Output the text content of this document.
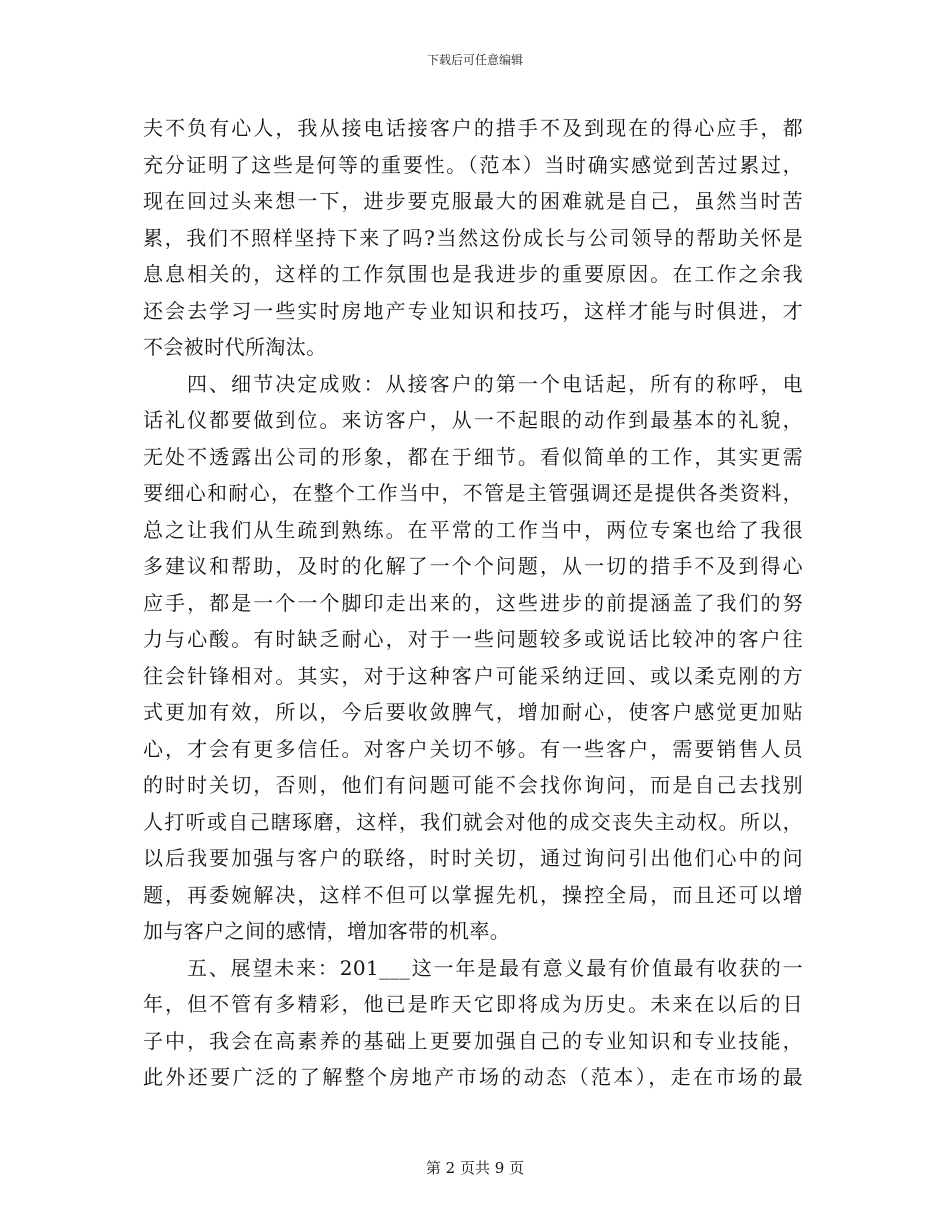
下载后可任意编辑
夫不负有心人，我从接电话接客户的措手不及到现在的得心应手，都
充分证明了这些是何等的重要性。（范本）当时确实感觉到苦过累过，
现在回过头来想一下，进步要克服最大的困难就是自己，虽然当时苦
累，我们不照样坚持下来了吗?当然这份成长与公司领导的帮助关怀是
息息相关的，这样的工作氛围也是我进步的重要原因。在工作之余我
还会去学习一些实时房地产专业知识和技巧，这样才能与时俱进，才
不会被时代所淘汰。
四、细节决定成败：从接客户的第一个电话起，所有的称呼，电
话礼仪都要做到位。来访客户，从一不起眼的动作到最基本的礼貌，
无处不透露出公司的形象，都在于细节。看似简单的工作，其实更需
要细心和耐心，在整个工作当中，不管是主管强调还是提供各类资料，
总之让我们从生疏到熟练。在平常的工作当中，两位专案也给了我很
多建议和帮助，及时的化解了一个个问题，从一切的措手不及到得心
应手，都是一个一个脚印走出来的，这些进步的前提涵盖了我们的努
力与心酸。有时缺乏耐心，对于一些问题较多或说话比较冲的客户往
往会针锋相对。其实，对于这种客户可能采纳迂回、或以柔克刚的方
式更加有效，所以，今后要收敛脾气，增加耐心，使客户感觉更加贴
心，才会有更多信任。对客户关切不够。有一些客户，需要销售人员
的时时关切，否则，他们有问题可能不会找你询问，而是自己去找别
人打听或自己瞎琢磨，这样，我们就会对他的成交丧失主动权。所以，
以后我要加强与客户的联络，时时关切，通过询问引出他们心中的问
题，再委婉解决，这样不但可以掌握先机，操控全局，而且还可以增
加与客户之间的感情，增加客带的机率。
五、展望未来：201___这一年是最有意义最有价值最有收获的一
年，但不管有多精彩，他已是昨天它即将成为历史。未来在以后的日
子中，我会在高素养的基础上更要加强自己的专业知识和专业技能，
此外还要广泛的了解整个房地产市场的动态（范本），走在市场的最
第 2 页共 9 页
